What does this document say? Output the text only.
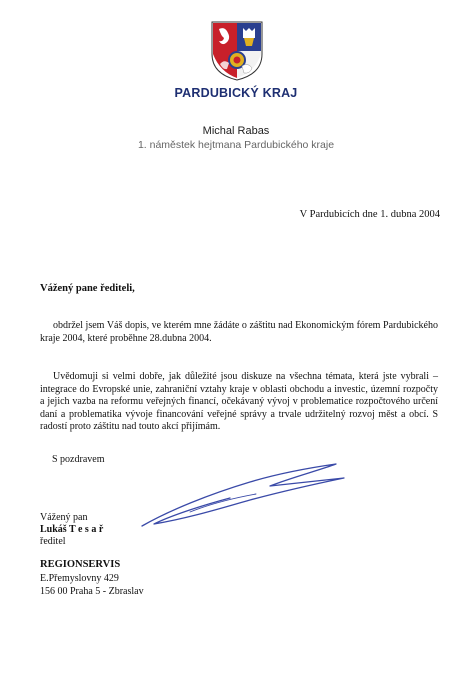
PARDUBICKÝ KRAJ
Michal Rabas
1. náměstek hejtmana Pardubického kraje
V Pardubicích dne 1. dubna 2004
Vážený pane řediteli,
obdržel jsem Váš dopis, ve kterém mne žádáte o záštitu nad Ekonomickým fórem Pardubického kraje 2004, které proběhne 28.dubna 2004.
Uvědomuji si velmi dobře, jak důležité jsou diskuze na všechna témata, která jste vybrali – integrace do Evropské unie, zahraniční vztahy kraje v oblasti obchodu a investic, územní rozpočty a jejich vazba na reformu veřejných financí, očekávaný vývoj v problematice rozpočtového určení daní a problematika vývoje financování veřejné správy a trvale udržitelný rozvoj měst a obcí. S radostí proto záštitu nad touto akcí přijímám.
S pozdravem
Vážený pan
Lukáš T e s a ř
ředitel
REGIONSERVIS
E.Přemyslovny 429
156 00 Praha 5 - Zbraslav
